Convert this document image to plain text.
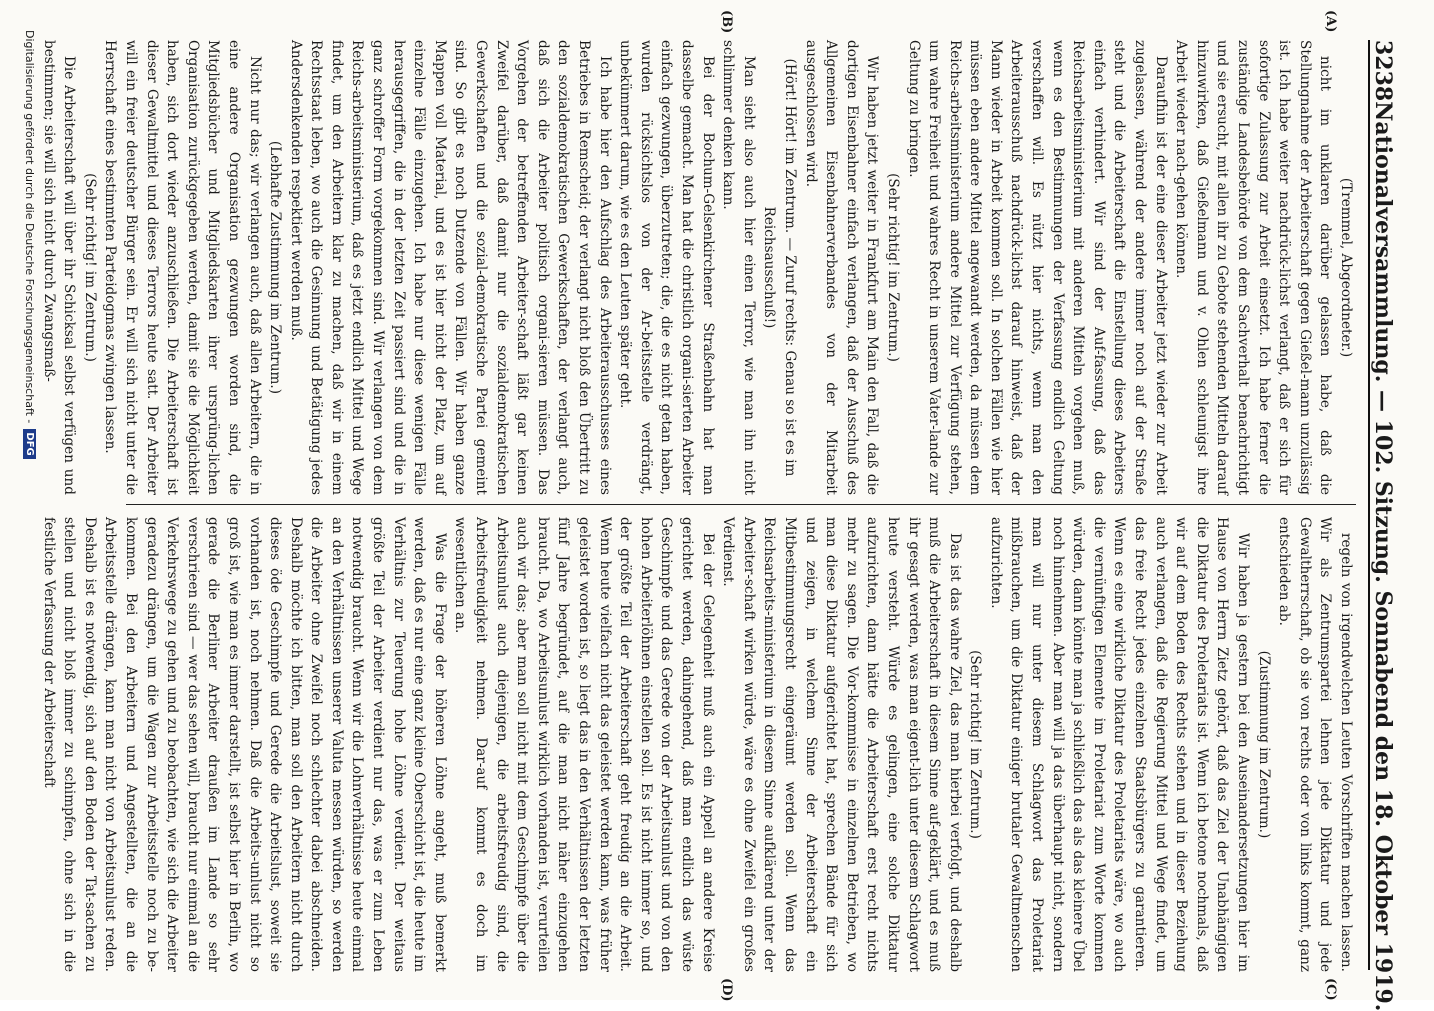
3238
Nationalversammlung. — 102. Sitzung. Sonnabend den 18. Oktober 1919.
(A)
(B)
(C)
(D)

(Tremmel, Abgeordneter.)

nicht im unklaren darüber gelassen habe, daß die Stellungnahme der Arbeiterschaft gegen Gießel-mann unzulässig ist. Ich habe weiter nachdrück-lichst verlangt, daß er sich für sofortige Zulassung zur Arbeit einsetzt. Ich habe ferner die zuständige Landesbehörde von dem Sachverhalt benachrichtigt und sie ersucht, mit allen ihr zu Gebote stehenden Mitteln darauf hinzuwirken, daß Gießelmann und v. Ohlen schleunigst ihre Arbeit wieder nach-gehen können.

Daraufhin ist der eine dieser Arbeiter jetzt wieder zur Arbeit zugelassen, während der andere immer noch auf der Straße steht und die Arbeiterschaft die Einstellung dieses Arbeiters einfach verhindert. Wir sind der Auf-fassung, daß das Reichsarbeitsministerium mit anderen Mitteln vorgehen muß, wenn es den Bestimmungen der Verfassung endlich Geltung verschaffen will. Es nützt hier nichts, wenn man den Arbeiterausschuß nachdrück-lichst darauf hinweist, daß der Mann wieder in Arbeit kommen soll. In solchen Fällen wie hier müssen eben andere Mittel angewandt werden, da müssen dem Reichs-arbeitsministerium andere Mittel zur Verfügung stehen, um wahre Freiheit und wahres Recht in unserem Vater-lande zur Geltung zu bringen.

(Sehr richtig! im Zentrum.)

Wir haben jetzt weiter in Frankfurt am Main den Fall, daß die dortigen Eisenbahner einfach verlangen, daß der Ausschuß des Allgemeinen Eisenbahnerverbandes von der Mitarbeit ausgeschlossen wird.

(Hört! Hört! im Zentrum. — Zuruf rechts: Genau so ist es im Reichsausschuß!)

Man sieht also auch hier einen Terror, wie man ihn nicht schlimmer denken kann.

Bei der Bochum-Gelsenkirchener Straßenbahn hat man dasselbe gemacht. Man hat die christlich organi-sierten Arbeiter einfach gezwungen, überzutreten; die, die es nicht getan haben, wurden rücksichtslos von der Ar-beitsstelle verdrängt, unbekümmert darum, wie es den Leuten später geht.

Ich habe hier den Aufschlag des Arbeiterausschusses eines Betriebes in Remscheid; der verlangt nicht bloß den Übertritt zu den sozialdemokratischen Gewerkschaften, der verlangt auch, daß sich die Arbeiter politisch organi-sieren müssen. Das Vorgehen der betreffenden Arbeiter-schaft läßt gar keinen Zweifel darüber, daß damit nur die sozialdemokratischen Gewerkschaften und die sozial-demokratische Partei gemeint sind. So gibt es noch Dutzende von Fällen. Wir haben ganze Mappen voll Material, und es ist hier nicht der Platz, um auf einzelne Fälle einzugehen. Ich habe nur diese wenigen Fälle herausgegriffen, die in der letzten Zeit passiert sind und die in ganz schroffer Form vorgekommen sind. Wir verlangen von dem Reichs-arbeitsministerium, daß es jetzt endlich Mittel und Wege findet, um den Arbeitern klar zu machen, daß wir in einem Rechtsstaat leben, wo auch die Gesinnung und Betätigung jedes Andersdenkenden respektiert werden muß.

(Lebhafte Zustimmung im Zentrum.)

Nicht nur das; wir verlangen auch, daß allen Arbeitern, die in eine andere Organisation gezwungen worden sind, die Mitgliedsbücher und Mitgliedskarten ihrer ursprüng-lichen Organisation zurückgegeben werden, damit sie die Möglichkeit haben, sich dort wieder anzuschließen. Die Arbeiterschaft ist dieser Gewaltmittel und dieses Terrors heute satt. Der Arbeiter will ein freier deutscher Bürger sein. Er will sich nicht unter die Herrschaft eines bestimmten Parteidogmas zwingen lassen.

(Sehr richtig! im Zentrum.)

Die Arbeiterschaft will über ihr Schicksal selbst verfügen und bestimmen; sie will sich nicht durch Zwangsmaß-

regeln von irgendwelchen Leuten Vorschriften machen lassen. Wir als Zentrumspartei lehnen jede Diktatur und jede Gewaltherrschaft, ob sie von rechts oder von links kommt, ganz entschieden ab.

(Zustimmung im Zentrum.)

Wir haben ja gestern bei den Auseinandersetzungen hier im Hause von Herrn Zietz gehört, daß das Ziel der Unabhängigen die Diktatur des Proletariats ist. Wenn ich betone nochmals, daß wir auf dem Boden des Rechts stehen und in dieser Beziehung auch verlangen, daß die Regierung Mittel und Wege findet, um das freie Recht jedes einzelnen Staatsbürgers zu garantieren. Wenn es eine wirkliche Diktatur des Proletariats wäre, wo auch die vernünftigen Elemente im Proletariat zum Worte kommen würden, dann könnte man ja schließlich das als das kleinere Übel noch hinnehmen. Aber man will ja das überhaupt nicht, sondern man will nur unter diesem Schlagwort das Proletariat mißbrauchen, um die Diktatur einiger brutaler Gewaltmenschen aufzurichten.

(Sehr richtig! im Zentrum.)

Das ist das wahre Ziel, das man hierbei verfolgt, und deshalb muß die Arbeiterschaft in diesem Sinne auf-geklärt, und es muß ihr gesagt werden, was man eigent-lich unter diesem Schlagwort heute versteht. Würde es gelingen, eine solche Diktatur aufzurichten, dann hätte die Arbeiterschaft erst recht nichts mehr zu sagen. Die Vor-kommnisse in einzelnen Betrieben, wo man diese Diktatur aufgerichtet hat, sprechen Bände für sich und zeigen, in welchem Sinne der Arbeiterschaft ein Mitbestimmungsrecht eingeräumt werden soll. Wenn das Reichsarbeits-ministerium in diesem Sinne aufklärend unter der Arbeiter-schaft wirken würde, wäre es ohne Zweifel ein großes Verdienst.

Bei der Gelegenheit muß auch ein Appell an andere Kreise gerichtet werden, dahingehend, daß man endlich das wüste Geschimpfe und das Gerede von der Arbeitsunlust und von den hohen Arbeiterlöhnen einstellen soll. Es ist nicht immer so, und der größte Teil der Arbeiterschaft geht freudig an die Arbeit. Wenn heute vielfach nicht das geleistet werden kann, was früher geleistet worden ist, so liegt das in den Verhältnissen der letzten fünf Jahre begründet, auf die man nicht näher einzugehen braucht. Da, wo Arbeitsunlust wirklich vorhanden ist, verurteilen auch wir das; aber man soll nicht mit dem Geschimpfe über die Arbeitsunlust auch diejenigen, die arbeitsfreudig sind, die Arbeitsfreudigkeit nehmen. Dar-auf kommt es doch im wesentlichen an.

Was die Frage der höheren Löhne angeht, muß bemerkt werden, daß es nur eine ganz kleine Oberschicht ist, die heute im Verhältnis zur Teuerung hohe Löhne verdient. Der weitaus größte Teil der Arbeiter verdient nur das, was er zum Leben notwendig braucht. Wenn wir die Lohnverhältnisse heute einmal an den Verhältnissen unserer Valuta messen würden, so werden die Arbeiter ohne Zweifel noch schlechter dabei abschneiden. Deshalb möchte ich bitten, man soll den Arbeitern nicht durch dieses öde Geschimpfe und Gerede die Arbeitslust, soweit sie vorhanden ist, noch nehmen. Daß die Arbeits-unlust nicht so groß ist, wie man es immer darstellt, ist selbst hier in Berlin, wo gerade die Berliner Arbeiter draußen im Lande so sehr verschrieen sind — wer das sehen will, braucht nur einmal an die Verkehrswege zu gehen und zu beobachten, wie sich die Arbeiter geradezu drängen, um die Wagen zur Arbeitsstelle noch zu be-kommen. Bei den Arbeitern und Angestellten, die an die Arbeitsstelle drängen, kann man nicht von Arbeitsunlust reden. Deshalb ist es notwendig, sich auf den Boden der Tat-sachen zu stellen und nicht bloß immer zu schimpfen, ohne sich in die festliche Verfassung der Arbeiterschaft

Digitalisierung gefördert durch die Deutsche Forschungsgemeinschaft -
DFG
